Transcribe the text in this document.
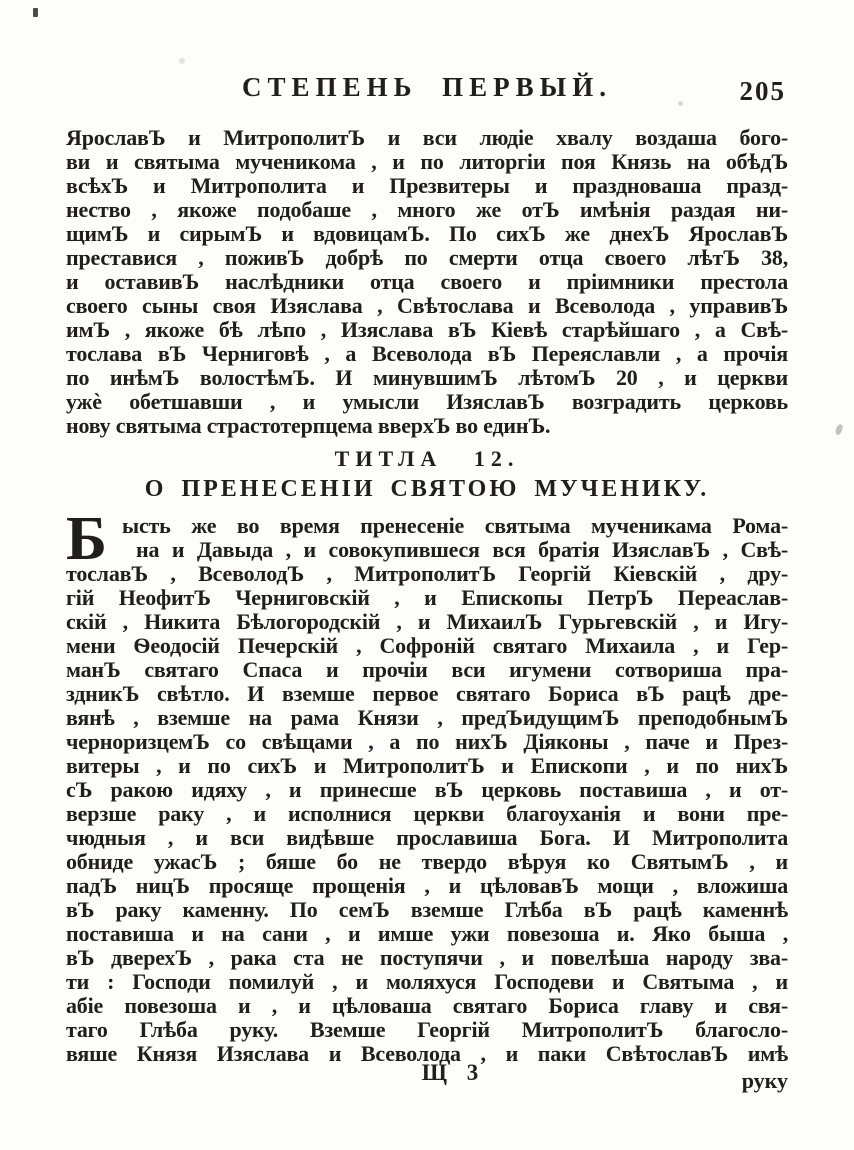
СТЕПЕНЬ ПЕРВЫЙ.	205
ЯрославЪ и МитрополитЪ и вси людіе хвалу воздаша бого-
ви и святыма мученикома , и по литоргіи поя Князь на обѣдЪ
всѣхЪ и Митрополита и Презвитеры и праздноваша празд-
нество , якоже подобаше , много же отЪ имѣнія раздая ни-
щимЪ и сирымЪ и вдовицамЪ. По сихЪ же днехЪ ЯрославЪ
преставися , поживЪ добрѣ по смерти отца своего лѣтЪ 38,
и оставивЪ наслѣдники отца своего и пріимники престола
своего сыны своя Изяслава , Свѣтослава и Всеволода , управивЪ
имЪ , якоже бѣ лѣпо , Изяслава вЪ Кіевѣ старѣйшаго , а Свѣ-
тослава вЪ Черниговѣ , а Всеволода вЪ Переяславли , а прочія
по инѣмЪ волостѣмЪ. И минувшимЪ лѣтомЪ 20 , и церкви
ужѐ обетшавши , и умысли ИзяславЪ возградить церковь
нову святыма страстотерпцема вверхЪ во единЪ.
ТИТЛА 12.
О ПРЕНЕСЕНІИ СВЯТОЮ МУЧЕНИКУ.
Б ысть же во время пренесеніе святыма мученикама Рома-
на и Давыда , и совокупившеся вся братія ИзяславЪ , Свѣ-
тославЪ , ВсеволодЪ , МитрополитЪ Георгій Кіевскій , дру-
гій НеофитЪ Черниговскій , и Епископы ПетрЪ Переаслав-
скій , Никита Бѣлогородскій , и МихаилЪ Гурьгевскій , и Игу-
мени Ѳеодосій Печерскій , Софроній святаго Михаила , и Гер-
манЪ святаго Спаса и прочіи вси игумени сотвориша пра-
здникЪ свѣтло. И вземше первое святаго Бориса вЪ рацѣ дре-
вянѣ , вземше на рама Князи , предЪидущимЪ преподобнымЪ
черноризцемЪ со свѣщами , а по нихЪ Діяконы , паче и През-
витеры , и по сихЪ и МитрополитЪ и Епископи , и по нихЪ
сЪ ракою идяху , и принесше вЪ церковь поставиша , и от-
верзше раку , и исполнися церкви благоуханія и вони пре-
чюдныя , и вси видѣвше прославиша Бога. И Митрополита
обниде ужасЪ ; бяше бо не твердо вѣруя ко СвятымЪ , и
падЪ ницЪ просяще прощенія , и цѣловавЪ мощи , вложиша
вЪ раку каменну. По семЪ вземше Глѣба вЪ рацѣ каменнѣ
поставиша и на сани , и имше ужи повезоша и. Яко быша ,
вЪ дверехЪ , рака ста не поступячи , и повелѣша народу зва-
ти : Господи помилуй , и моляхуся Господеви и Святыма , и
абіе повезоша и , и цѣловаша святаго Бориса главу и свя-
таго Глѣба руку. Вземше Георгій МитрополитЪ благосло-
вяше Князя Изяслава и Всеволода , и паки СвѣтославЪ имѣ
Щ 3	руку
